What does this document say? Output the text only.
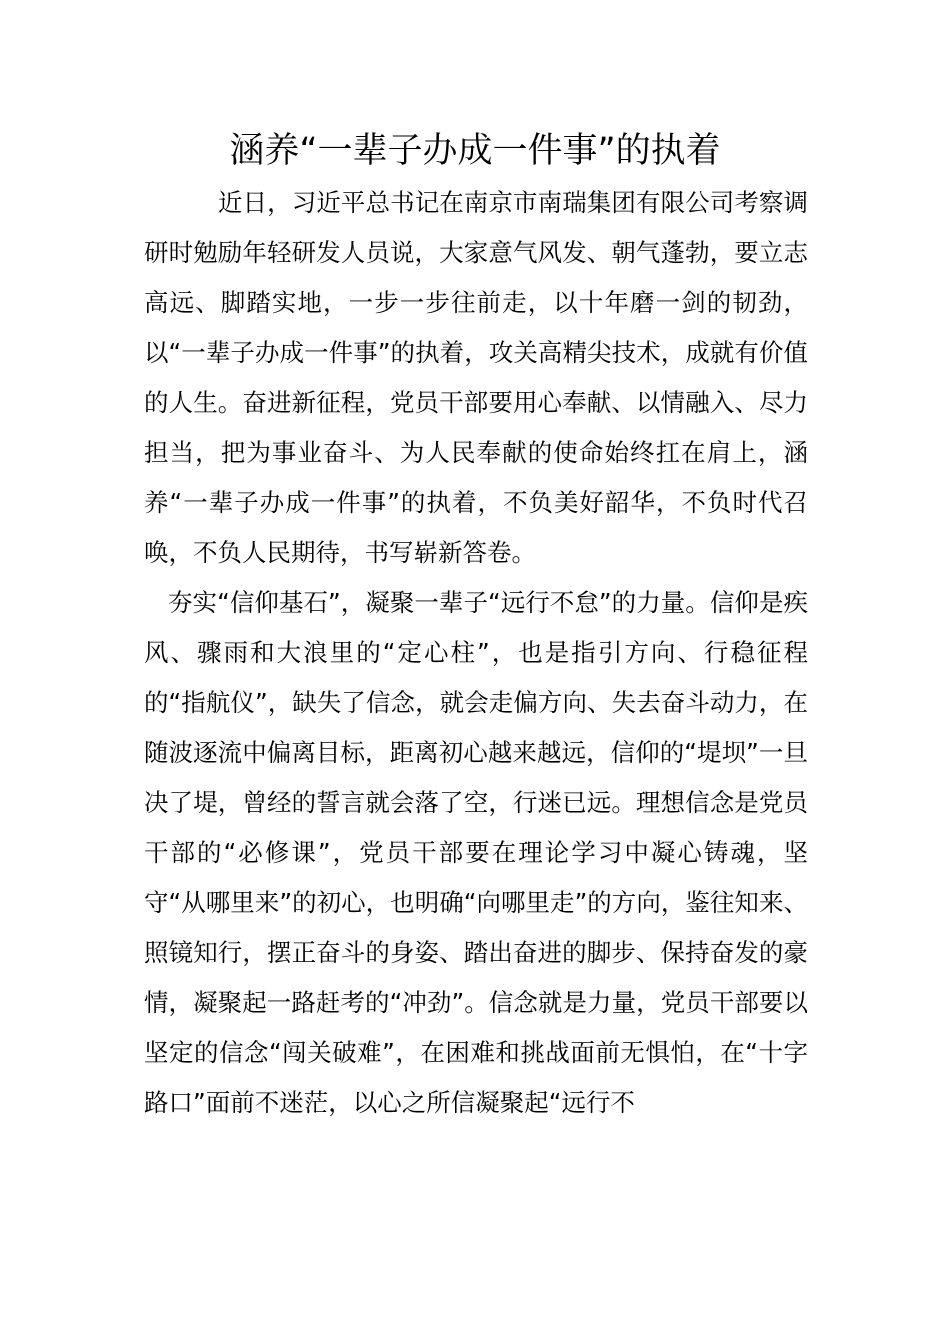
涵养“一辈子办成一件事”的执着

近日，习近平总书记在南京市南瑞集团有限公司考察调研时勉励年轻研发人员说，大家意气风发、朝气蓬勃，要立志高远、脚踏实地，一步一步往前走，以十年磨一剑的韧劲，以“一辈子办成一件事”的执着，攻关高精尖技术，成就有价值的人生。奋进新征程，党员干部要用心奉献、以情融入、尽力担当，把为事业奋斗、为人民奉献的使命始终扛在肩上，涵养“一辈子办成一件事”的执着，不负美好韶华，不负时代召唤，不负人民期待，书写崭新答卷。

夯实“信仰基石”，凝聚一辈子“远行不怠”的力量。信仰是疾风、骤雨和大浪里的“定心柱”，也是指引方向、行稳征程的“指航仪”，缺失了信念，就会走偏方向、失去奋斗动力，在随波逐流中偏离目标，距离初心越来越远，信仰的“堤坝”一旦决了堤，曾经的誓言就会落了空，行迷已远。理想信念是党员干部的“必修课”，党员干部要在理论学习中凝心铸魂，坚守“从哪里来”的初心，也明确“向哪里走”的方向，鉴往知来、照镜知行，摆正奋斗的身姿、踏出奋进的脚步、保持奋发的豪情，凝聚起一路赶考的“冲劲”。信念就是力量，党员干部要以坚定的信念“闯关破难”，在困难和挑战面前无惧怕，在“十字路口”面前不迷茫，以心之所信凝聚起“远行不
